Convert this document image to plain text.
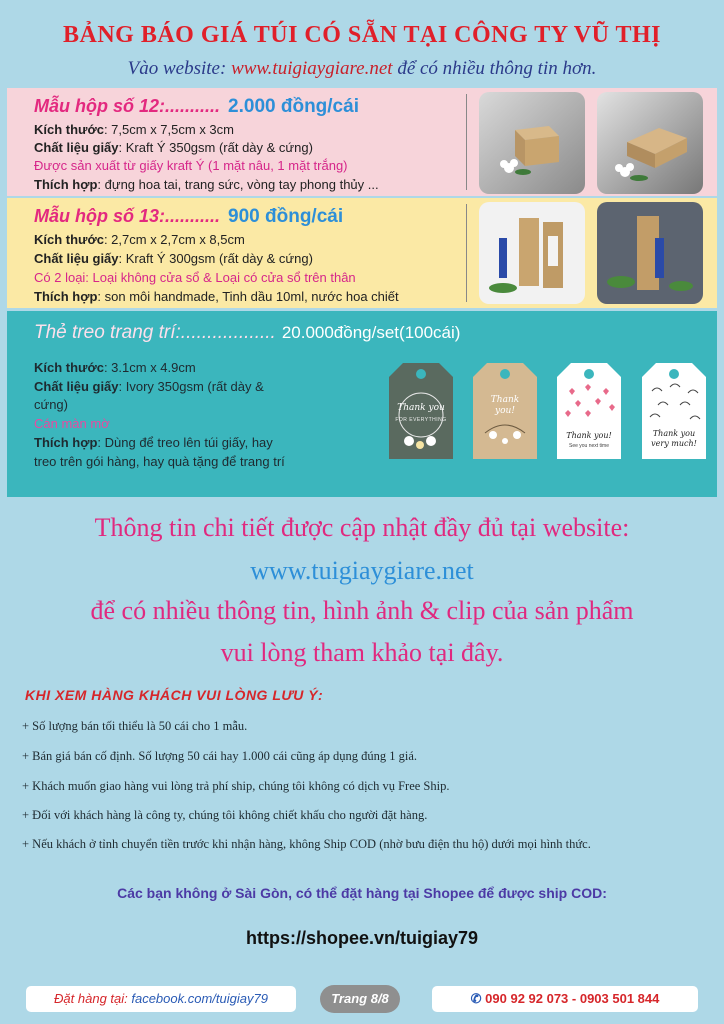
BẢNG BÁO GIÁ TÚI CÓ SẴN TẠI CÔNG TY VŨ THỊ
Vào website: www.tuigiaygiare.net để có nhiều thông tin hơn.
Mẫu hộp số 12:........... 2.000 đồng/cái
Kích thước: 7,5cm x 7,5cm x 3cm
Chất liệu giấy: Kraft Ý 350gsm (rất dày & cứng)
Được sản xuất từ giấy kraft Ý (1 mặt nâu, 1 mặt trắng)
Thích hợp: đựng hoa tai, trang sức, vòng tay phong thủy ...
Mẫu hộp số 13:........... 900 đồng/cái
Kích thước: 2,7cm x 2,7cm x 8,5cm
Chất liệu giấy: Kraft Ý 300gsm (rất dày & cứng)
Có 2 loại: Loại không cửa sổ & Loại có cửa sổ trên thân
Thích hợp: son môi handmade, Tinh dầu 10ml, nước hoa chiết
Thẻ treo trang trí:.................. 20.000đồng/set(100cái)
Kích thước: 3.1cm x 4.9cm
Chất liệu giấy: Ivory 350gsm (rất dày &
cứng)
Cán màn mờ
Thích hợp: Dùng để treo lên túi giấy, hay
treo trên gói hàng, hay quà tặng để trang trí
Thank you
FOR EVERYTHING
Thank you!
Thank you!
See you next time
Thank you very much!
Thông tin chi tiết được cập nhật đầy đủ tại website:
www.tuigiaygiare.net
để có nhiều thông tin, hình ảnh & clip của sản phẩm
vui lòng tham khảo tại đây.
KHI XEM HÀNG KHÁCH VUI LÒNG LƯU Ý:
+ Số lượng bán tối thiểu là 50 cái cho 1 mẫu.
+ Bán giá bán cố định. Số lượng 50 cái hay 1.000 cái cũng áp dụng đúng 1 giá.
+ Khách muốn giao hàng vui lòng trả phí ship, chúng tôi không có dịch vụ Free Ship.
+ Đối với khách hàng là công ty, chúng tôi không chiết khấu cho người đặt hàng.
+ Nếu khách ở tỉnh chuyển tiền trước khi nhận hàng, không Ship COD (nhờ bưu điện thu hộ) dưới mọi hình thức.
Các bạn không ở Sài Gòn, có thể đặt hàng tại Shopee để được ship COD:
https://shopee.vn/tuigiay79
Đặt hàng tại: facebook.com/tuigiay79	Trang 8/8	✆ 090 92 92 073 - 0903 501 844
